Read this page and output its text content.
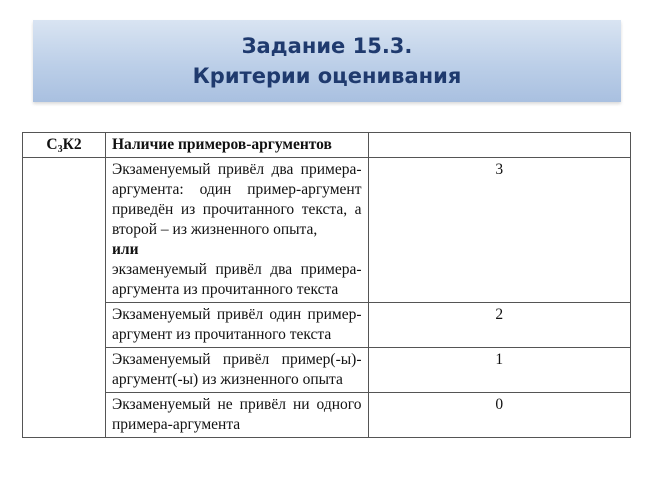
Задание 15.3.
Критерии оценивания
$С_3К2$	Наличие примеров-аргументов	

	Экзаменуемый привёл два примера-аргумента: один пример-аргумент приведён из прочитанного текста, а второй – из жизненного опыта,
или
экзаменуемый привёл два примера-аргумента из прочитанного текста	3
	Экзаменуемый привёл один пример-аргумент из прочитанного текста	2
	Экзаменуемый привёл пример(-ы)-аргумент(-ы) из жизненного опыта	1
	Экзаменуемый не привёл ни одного примера-аргумента	0
